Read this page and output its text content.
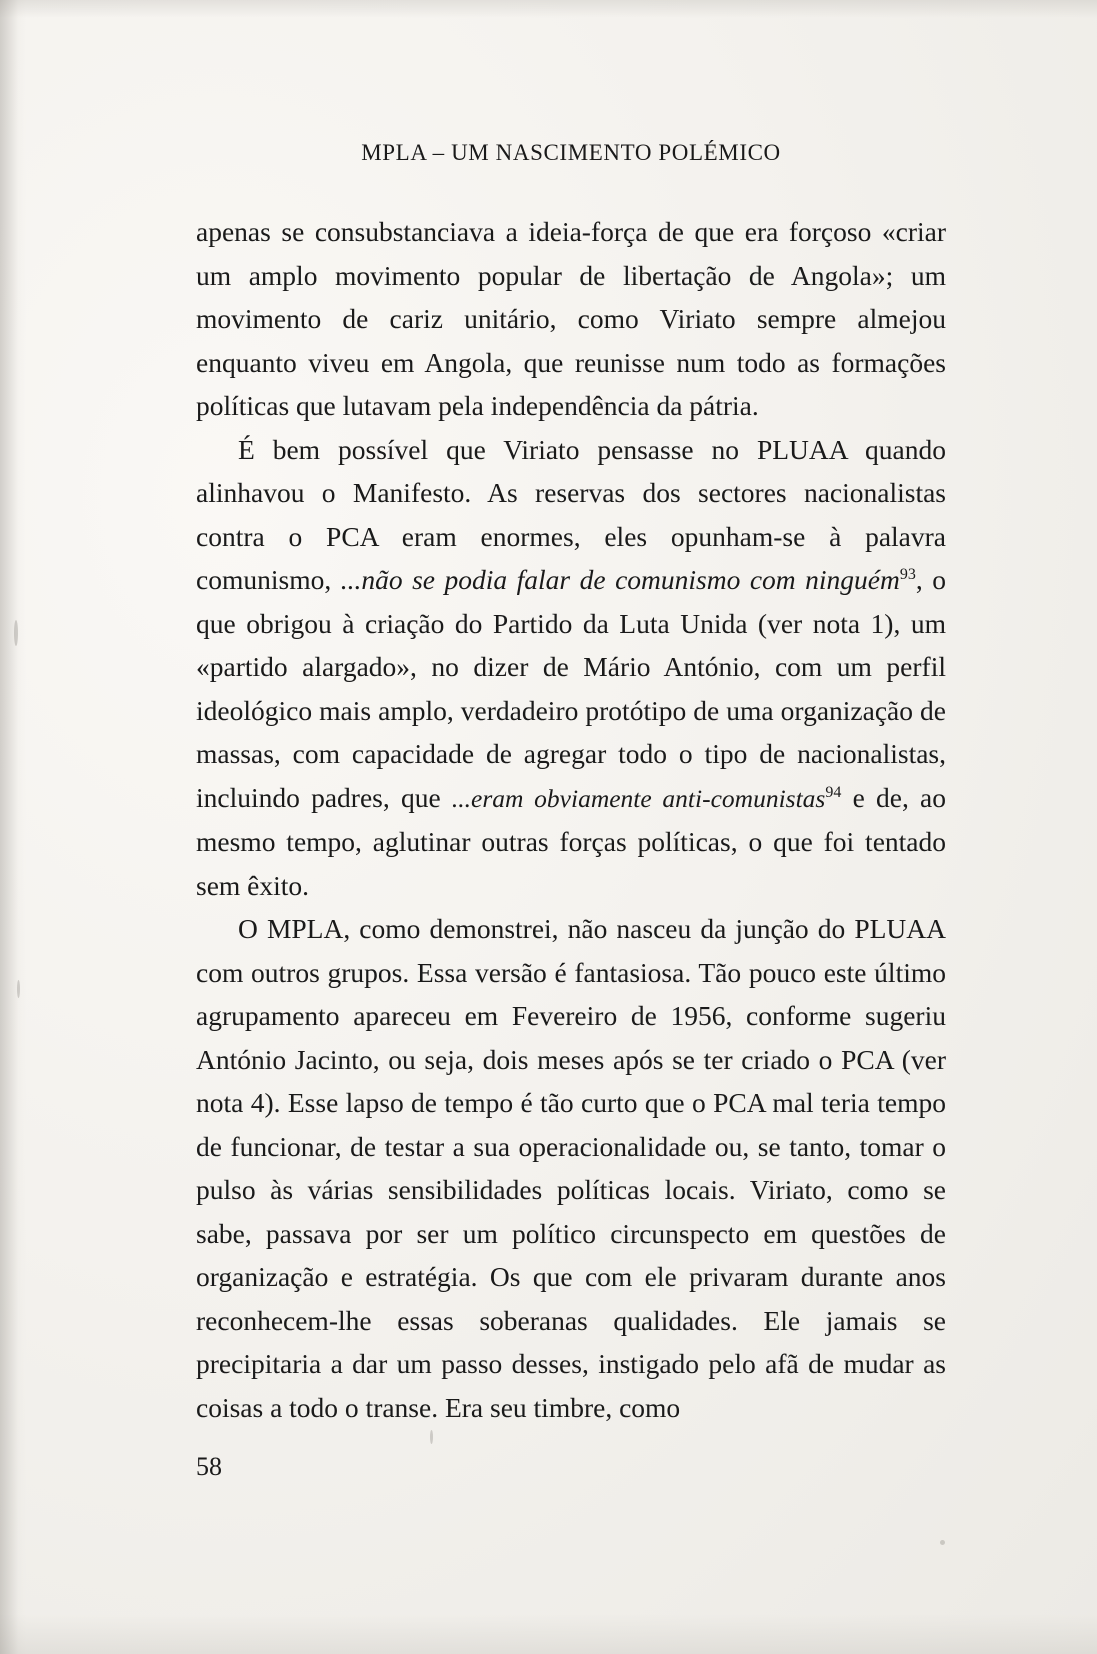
MPLA – UM NASCIMENTO POLÉMICO

apenas se consubstanciava a ideia-força de que era forçoso «criar um amplo movimento popular de libertação de Angola»; um movimento de cariz unitário, como Viriato sempre almejou enquanto viveu em Angola, que reunisse num todo as formações políticas que lutavam pela independência da pátria.

É bem possível que Viriato pensasse no PLUAA quando alinhavou o Manifesto. As reservas dos sectores nacionalistas contra o PCA eram enormes, eles opunham-se à palavra comunismo, ...não se podia falar de comunismo com ninguém$^{93}$, o que obrigou à criação do Partido da Luta Unida (ver nota 1), um «partido alargado», no dizer de Mário António, com um perfil ideológico mais amplo, verdadeiro protótipo de uma organização de massas, com capacidade de agregar todo o tipo de nacionalistas, incluindo padres, que ...eram obviamente anti-comunistas$^{94}$ e de, ao mesmo tempo, aglutinar outras forças políticas, o que foi tentado sem êxito.

O MPLA, como demonstrei, não nasceu da junção do PLUAA com outros grupos. Essa versão é fantasiosa. Tão pouco este último agrupamento apareceu em Fevereiro de 1956, conforme sugeriu António Jacinto, ou seja, dois meses após se ter criado o PCA (ver nota 4). Esse lapso de tempo é tão curto que o PCA mal teria tempo de funcionar, de testar a sua operacionalidade ou, se tanto, tomar o pulso às várias sensibilidades políticas locais. Viriato, como se sabe, passava por ser um político circunspecto em questões de organização e estratégia. Os que com ele privaram durante anos reconhecem-lhe essas soberanas qualidades. Ele jamais se precipitaria a dar um passo desses, instigado pelo afã de mudar as coisas a todo o transe. Era seu timbre, como

58
